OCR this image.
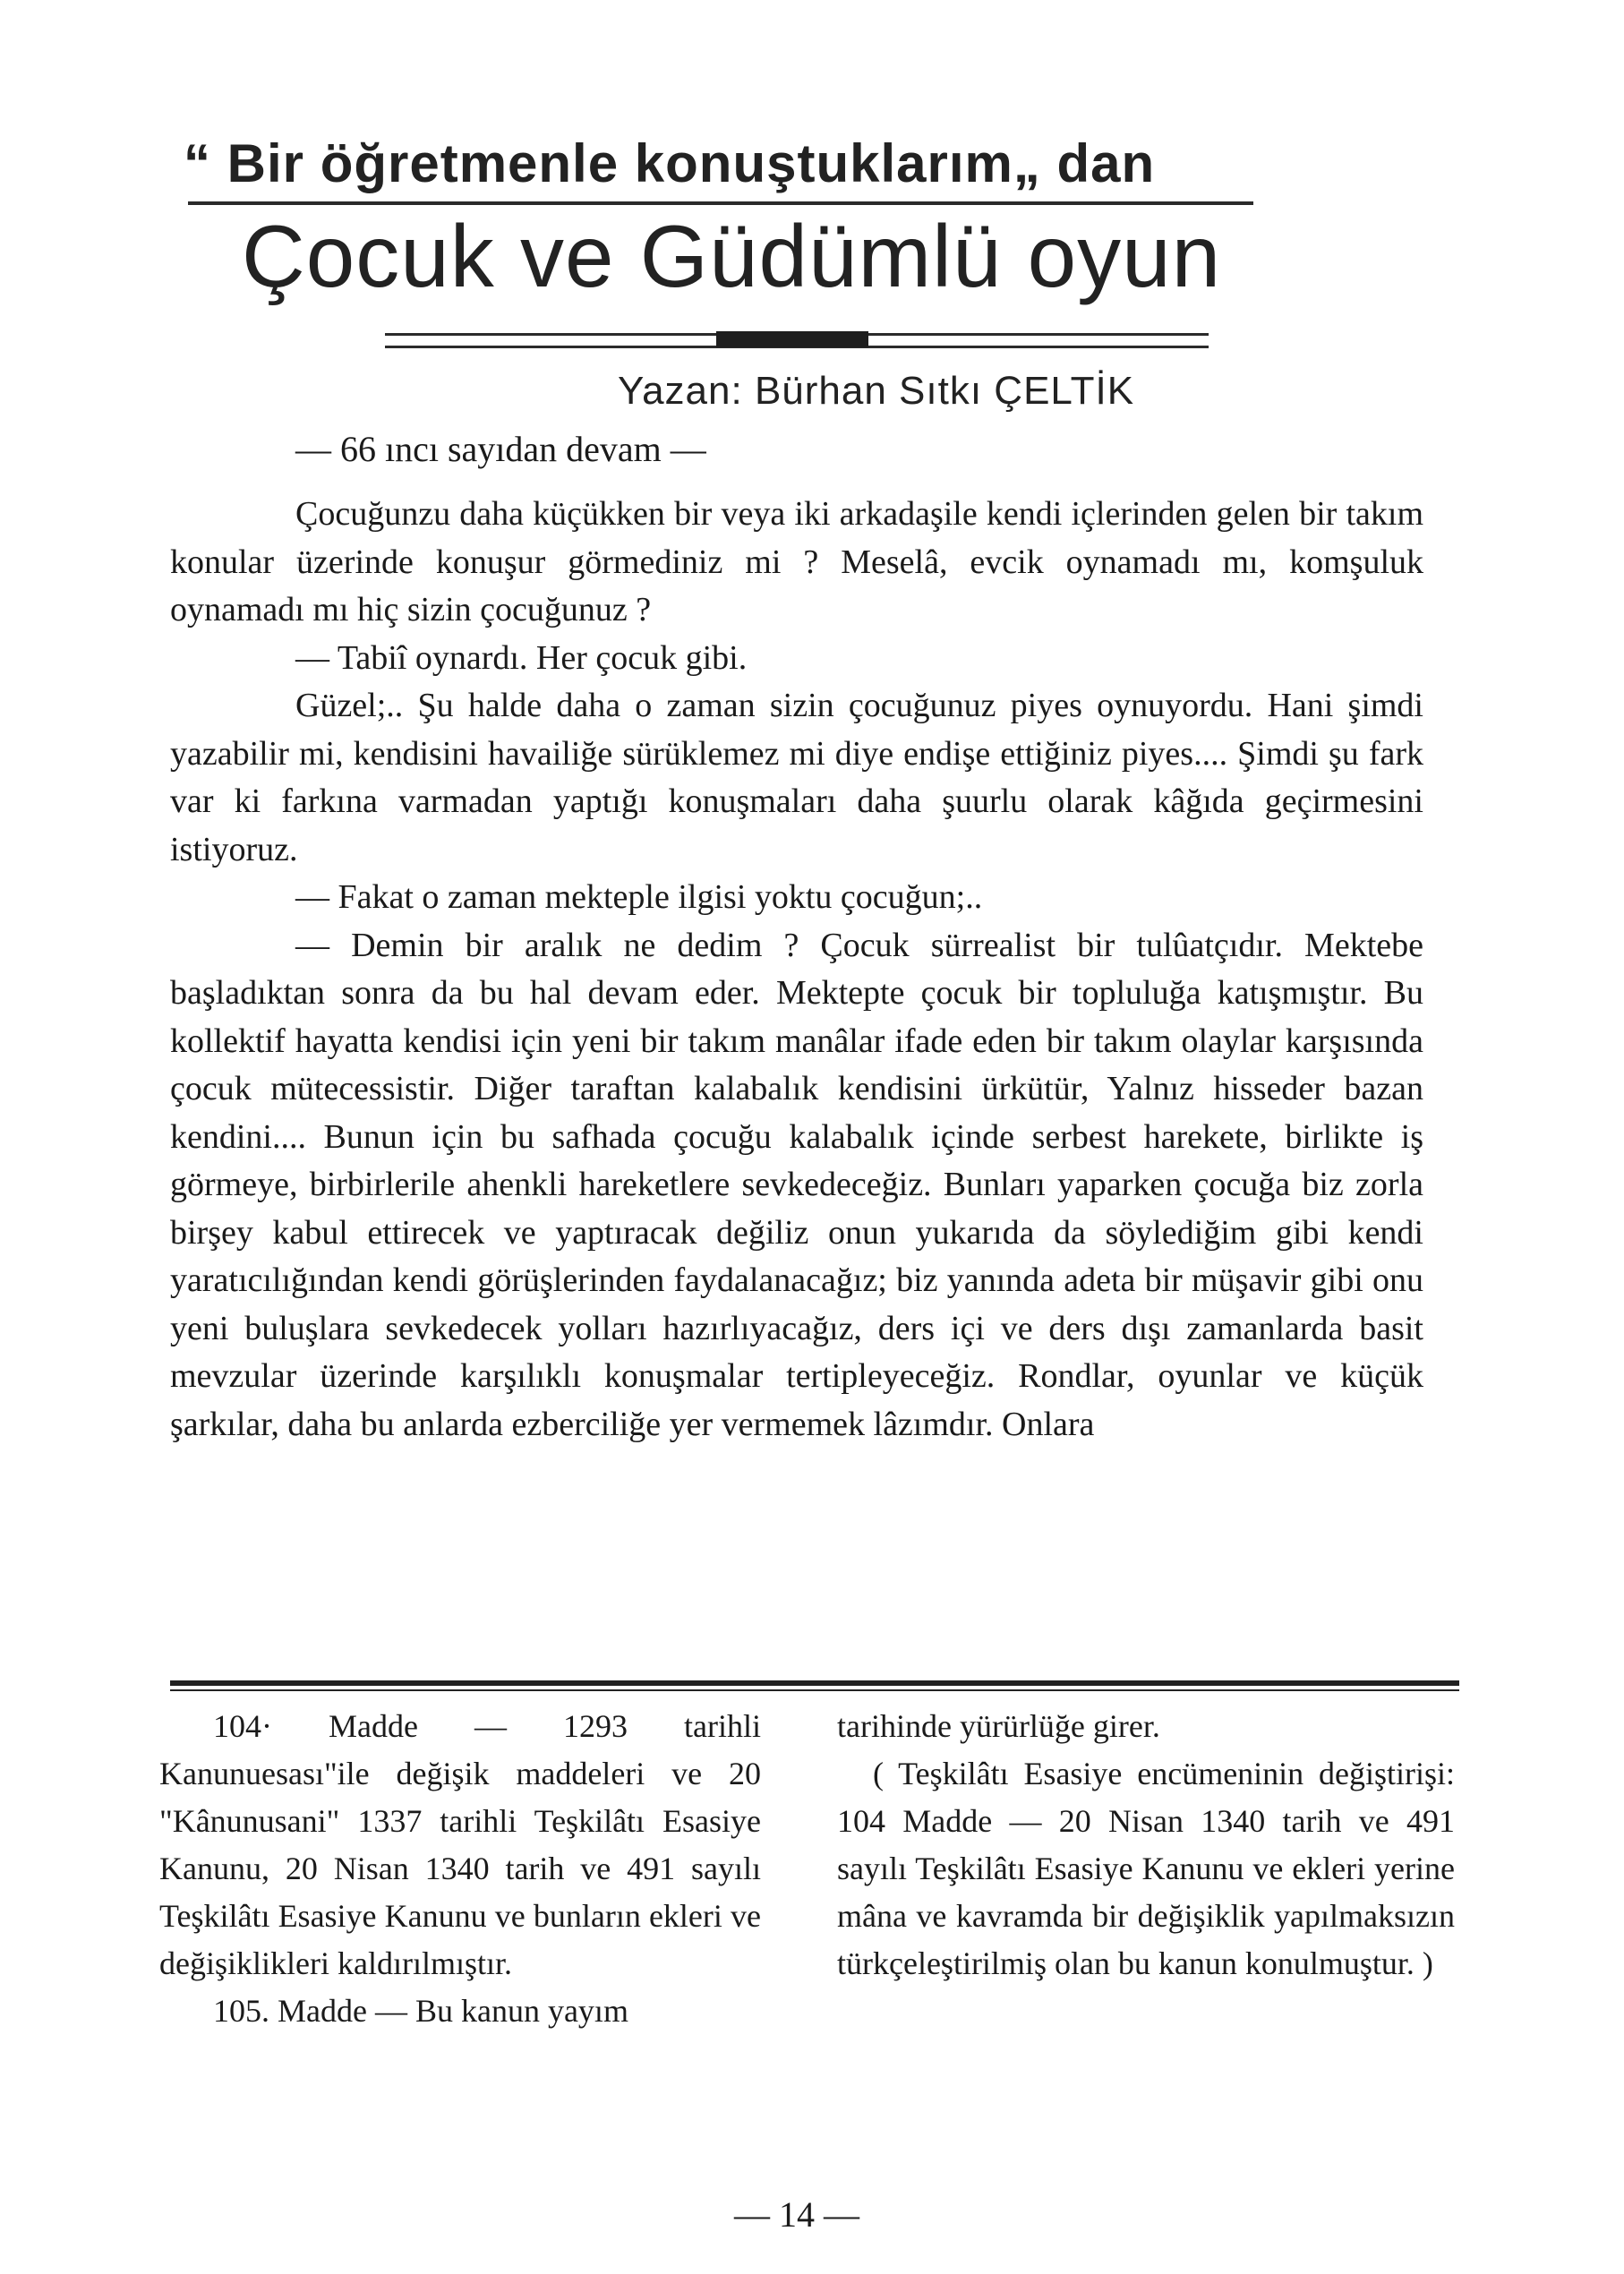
“ Bir öğretmenle konuştuklarım„ dan
Çocuk ve Güdümlü oyun
Yazan: Bürhan Sıtkı ÇELTİK
— 66 ıncı sayıdan devam —

Çocuğunzu daha küçükken bir veya iki arkadaşile kendi içlerinden gelen bir takım konular üzerinde konuşur görmediniz mi ? Meselâ, evcik oynamadı mı, komşuluk oynamadı mı hiç sizin çocuğunuz ?

— Tabiî oynardı. Her çocuk gibi.

Güzel;.. Şu halde daha o zaman sizin çocuğunuz piyes oynuyordu. Hani şimdi yazabilir mi, kendisini havailiğe sürüklemez mi diye endişe ettiğiniz piyes.... Şimdi şu fark var ki farkına varmadan yaptığı konuşmaları daha şuurlu olarak kâğıda geçirmesini istiyoruz.

— Fakat o zaman mekteple ilgisi yoktu çocuğun;..

— Demin bir aralık ne dedim ? Çocuk sürrealist bir tulûatçıdır. Mektebe başladıktan sonra da bu hal devam eder. Mektepte çocuk bir topluluğa katışmıştır. Bu kollektif hayatta kendisi için yeni bir takım manâlar ifade eden bir takım olaylar karşısında çocuk mütecessistir. Diğer taraftan kalabalık kendisini ürkütür, Yalnız hisseder bazan kendini.... Bunun için bu safhada çocuğu kalabalık içinde serbest harekete, birlikte iş görmeye, birbirlerile ahenkli hareketlere sevkedeceğiz. Bunları yaparken çocuğa biz zorla birşey kabul ettirecek ve yaptıracak değiliz onun yukarıda da söylediğim gibi kendi yaratıcılığından kendi görüşlerinden faydalanacağız; biz yanında adeta bir müşavir gibi onu yeni buluşlara sevkedecek yolları hazırlıyacağız, ders içi ve ders dışı zamanlarda basit mevzular üzerinde karşılıklı konuşmalar tertipleyeceğiz. Rondlar, oyunlar ve küçük şarkılar, daha bu anlarda ezberciliğe yer vermemek lâzımdır. Onlara

104· Madde — 1293 tarihli Kanunuesası"ile değişik maddeleri ve 20 "Kânunusani" 1337 tarihli Teşkilâtı Esasiye Kanunu, 20 Nisan 1340 tarih ve 491 sayılı Teşkilâtı Esasiye Kanunu ve bunların ekleri ve değişiklikleri kaldırılmıştır.

105. Madde — Bu kanun yayım

tarihinde yürürlüğe girer.

( Teşkilâtı Esasiye encümeninin değiştirişi: 104 Madde — 20 Nisan 1340 tarih ve 491 sayılı Teşkilâtı Esasiye Kanunu ve ekleri yerine mâna ve kavramda bir değişiklik yapılmaksızın türkçeleştirilmiş olan bu kanun konulmuştur. )

— 14 —
